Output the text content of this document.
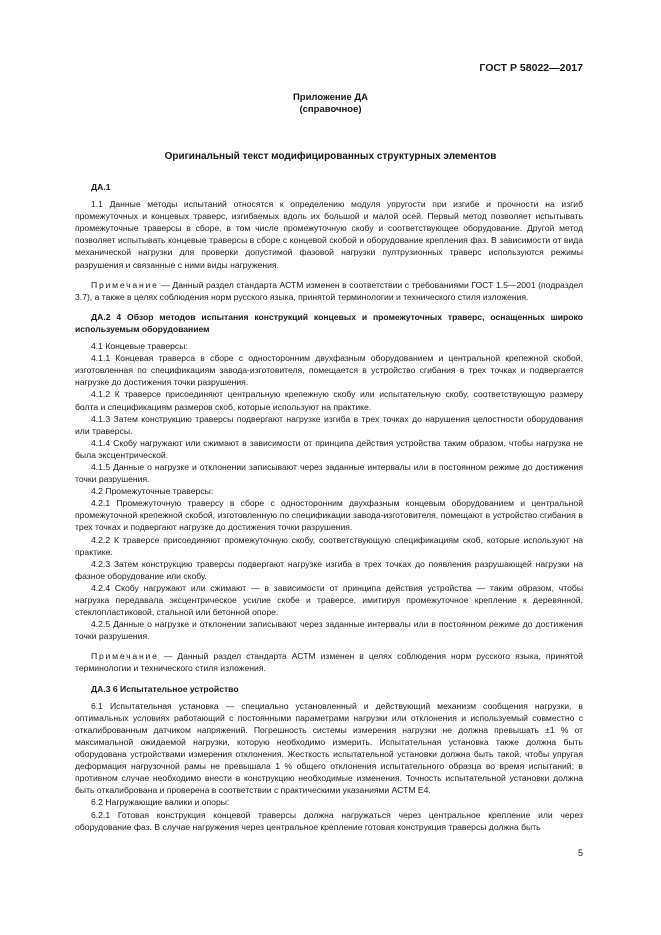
ГОСТ Р 58022—2017
Приложение ДА
(справочное)
Оригинальный текст модифицированных структурных элементов

ДА.1

1.1 Данные методы испытаний относятся к определению модуля упругости при изгибе и прочности на изгиб промежуточных и концевых траверс, изгибаемых вдоль их большой и малой осей. Первый метод позволяет испытывать промежуточные траверсы в сборе, в том числе промежуточную скобу и соответствующее оборудование. Другой метод позволяет испытывать концевые траверсы в сборе с концевой скобой и оборудование крепления фаз. В зависимости от вида механической нагрузки для проверки допустимой фазовой нагрузки пултрузионных траверс используются режимы разрушения и связанные с ними виды нагружения.

Примечание — Данный раздел стандарта АСТМ изменен в соответствии с требованиями ГОСТ 1.5—2001 (подраздел 3.7), а также в целях соблюдения норм русского языка, принятой терминологии и технического стиля изложения.

ДА.2 4 Обзор методов испытания конструкций концевых и промежуточных траверс, оснащенных широко используемым оборудованием

4.1 Концевые траверсы:

4.1.1 Концевая траверса в сборе с односторонним двухфазным оборудованием и центральной крепежной скобой, изготовленная по спецификациям завода-изготовителя, помещается в устройство сгибания в трех точках и подвергается нагрузке до достижения точки разрушения.

4.1.2 К траверсе присоединяют центральную крепежную скобу или испытательную скобу, соответствующую размеру болта и спецификациям размеров скоб, которые используют на практике.

4.1.3 Затем конструкцию траверсы подвергают нагрузке изгиба в трех точках до нарушения целостности оборудования или траверсы.

4.1.4 Скобу нагружают или сжимают в зависимости от принципа действия устройства таким образом, чтобы нагрузка не была эксцентрической.

4.1.5 Данные о нагрузке и отклонении записывают через заданные интервалы или в постоянном режиме до достижения точки разрушения.

4.2 Промежуточные траверсы:

4.2.1 Промежуточную траверсу в сборе с односторонним двухфазным концевым оборудованием и центральной промежуточной крепежной скобой, изготовленную по спецификации завода-изготовителя, помещают в устройство сгибания в трех точках и подвергают нагрузке до достижения точки разрушения.

4.2.2 К траверсе присоединяют промежуточную скобу, соответствующую спецификациям скоб, которые используют на практике.

4.2.3 Затем конструкцию траверсы подвергают нагрузке изгиба в трех точках до появления разрушающей нагрузки на фазное оборудование или скобу.

4.2.4 Скобу нагружают или сжимают — в зависимости от принципа действия устройства — таким образом, чтобы нагрузка передавала эксцентрическое усилие скобе и траверсе, имитируя промежуточное крепление к деревянной, стеклопластиковой, стальной или бетонной опоре.

4.2.5 Данные о нагрузке и отклонении записывают через заданные интервалы или в постоянном режиме до достижения точки разрушения.

Примечание — Данный раздел стандарта АСТМ изменен в целях соблюдения норм русского языка, принятой терминологии и технического стиля изложения.

ДА.3 6 Испытательное устройство

6.1 Испытательная установка — специально установленный и действующий механизм сообщения нагрузки, в оптимальных условиях работающий с постоянными параметрами нагрузки или отклонения и используемый совместно с откалиброванным датчиком напряжений. Погрешность системы измерения нагрузки не должна превышать ±1 % от максимальной ожидаемой нагрузки, которую необходимо измерить. Испытательная установка также должна быть оборудована устройствами измерения отклонения. Жесткость испытательной установки должна быть такой, чтобы упругая деформация нагрузочной рамы не превышала 1 % общего отклонения испытательного образца во время испытаний; в противном случае необходимо внести в конструкцию необходимые изменения. Точность испытательной установки должна быть откалибрована и проверена в соответствии с практическими указаниями АСТМ Е4.

6.2 Нагружающие валики и опоры:

6.2.1 Готовая конструкция концевой траверсы должна нагружаться через центральное крепление или через оборудование фаз. В случае нагружения через центральное крепление готовая конструкция траверсы должна быть

5
